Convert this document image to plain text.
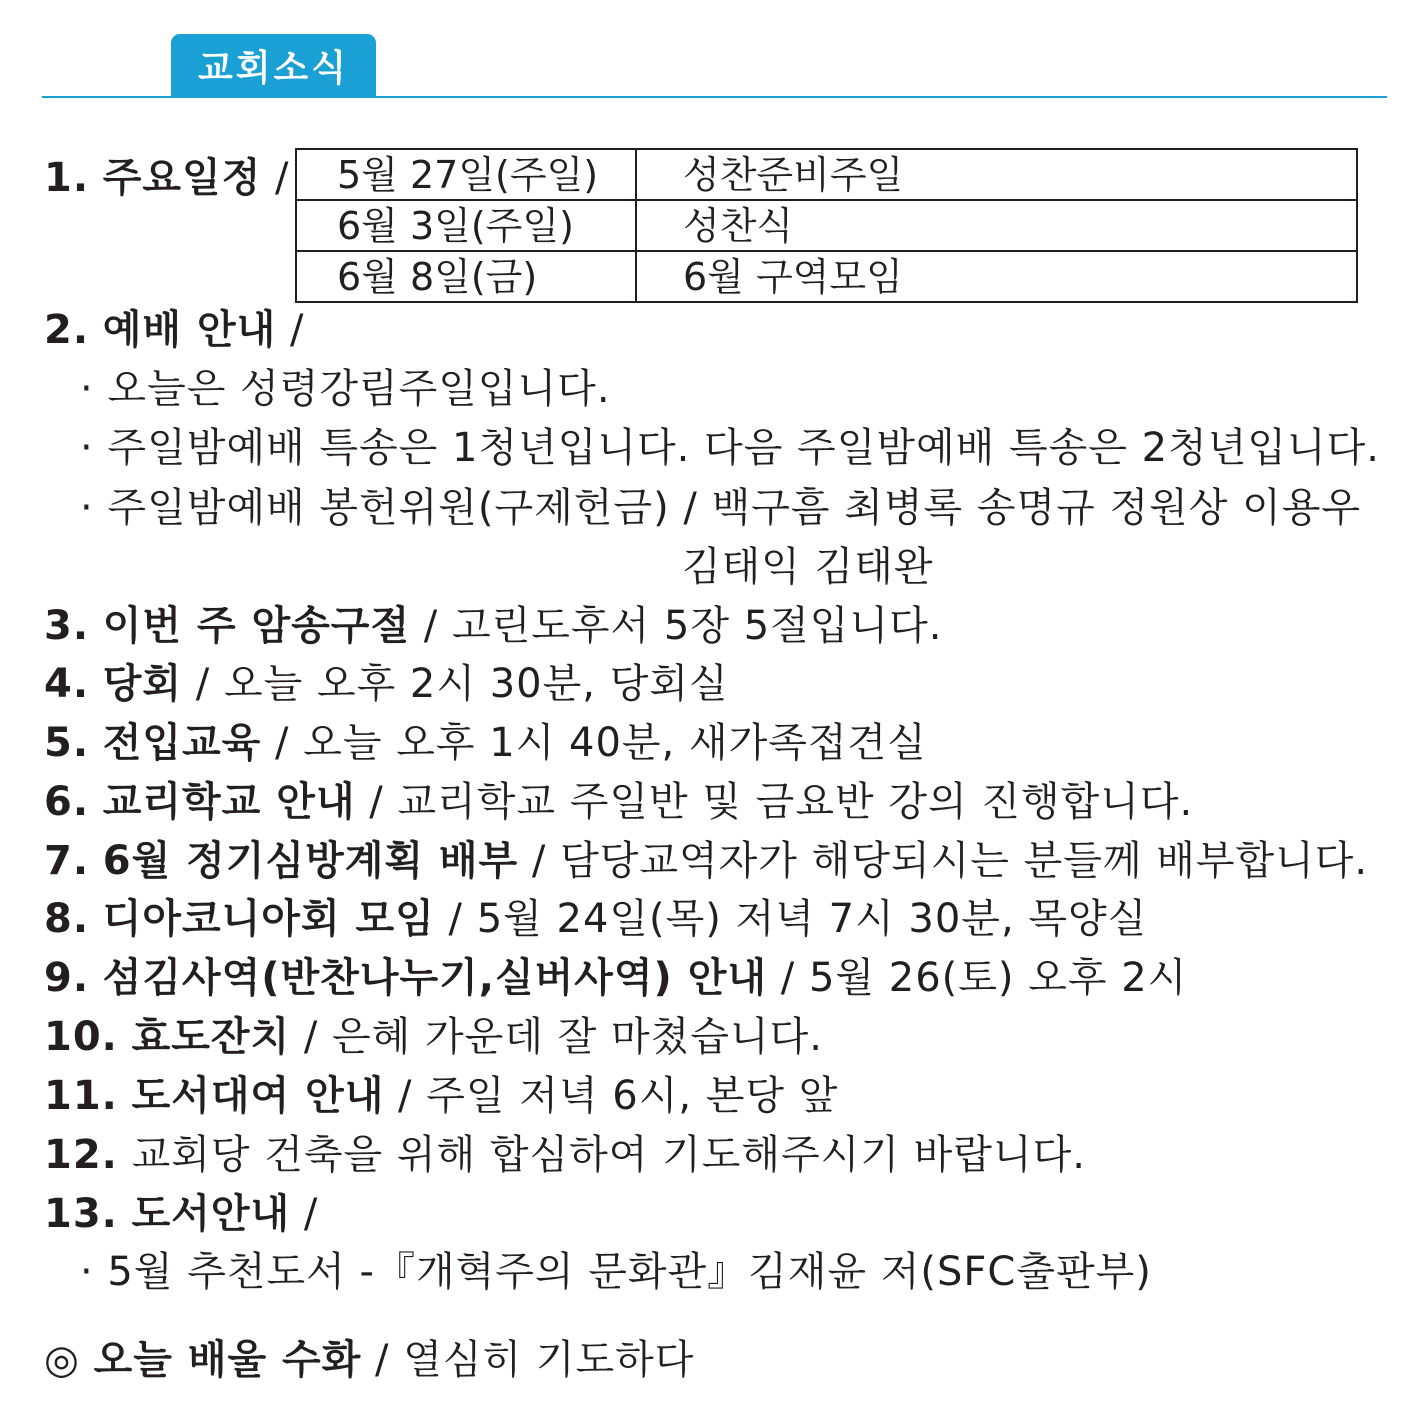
교회소식
1. 주요일정 / 5월 27일(주일)	성찬준비주일
6월 3일(주일)	성찬식
6월 8일(금)	6월 구역모임
2. 예배 안내 /
· 오늘은 성령강림주일입니다.
· 주일밤예배 특송은 1청년입니다. 다음 주일밤예배 특송은 2청년입니다.
· 주일밤예배 봉헌위원(구제헌금) / 백구흠 최병록 송명규 정원상 이용우
김태익 김태완
3. 이번 주 암송구절 / 고린도후서 5장 5절입니다.
4. 당회 / 오늘 오후 2시 30분, 당회실
5. 전입교육 / 오늘 오후 1시 40분, 새가족접견실
6. 교리학교 안내 / 교리학교 주일반 및 금요반 강의 진행합니다.
7. 6월 정기심방계획 배부 / 담당교역자가 해당되시는 분들께 배부합니다.
8. 디아코니아회 모임 / 5월 24일(목) 저녁 7시 30분, 목양실
9. 섬김사역(반찬나누기,실버사역) 안내 / 5월 26(토) 오후 2시
10. 효도잔치 / 은혜 가운데 잘 마쳤습니다.
11. 도서대여 안내 / 주일 저녁 6시, 본당 앞
12. 교회당 건축을 위해 합심하여 기도해주시기 바랍니다.
13. 도서안내 /
· 5월 추천도서 -『개혁주의 문화관』김재윤 저(SFC출판부)
◎ 오늘 배울 수화 / 열심히 기도하다
